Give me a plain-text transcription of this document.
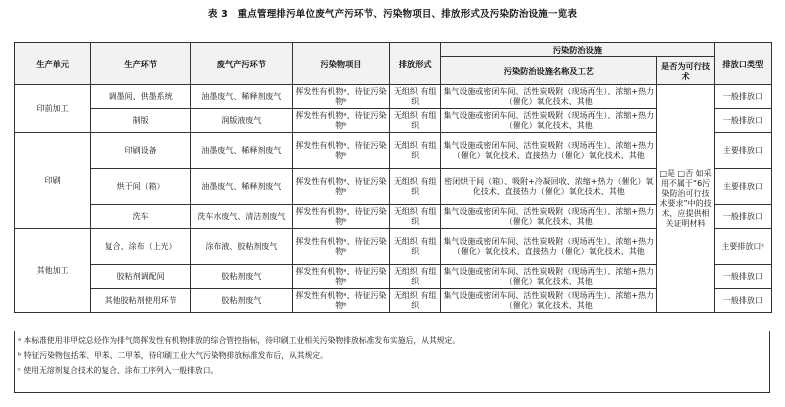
表 3　重点管理排污单位废气产污环节、污染物项目、排放形式及污染防治设施一览表
生产单元	生产环节	废气产污环节	污染物项目	排放形式	污染防治设施		排放口类型
					污染防治设施名称及工艺	是否为可行技术	
印前加工	调墨间、供墨系统	油墨废气、稀释剂废气	挥发性有机物ᵃ、待征污染物ᵇ	无组织 有组织	集气设施或密闭车间、活性炭吸附（现场再生）、浓缩+热力（催化）氧化技术、其他	□是 □否 如采用不属于“6污染防治可行技术要求”中的技术，应提供相关证明材料	一般排放口
	制版	润版液废气	挥发性有机物ᵃ、待征污染物ᵇ	无组织 有组织	集气设施或密闭车间、活性炭吸附（现场再生）、浓缩+热力（催化）氧化技术、其他		一般排放口
印刷	印刷设备	油墨废气、稀释剂废气	挥发性有机物ᵃ、待征污染物ᵇ	无组织 有组织	集气设施或密闭车间、活性炭吸附（现场再生）、浓缩+热力（催化）氧化技术、直接热力（催化）氧化技术、其他		主要排放口
	烘干间（箱）	油墨废气、稀释剂废气	挥发性有机物ᵃ、待征污染物ᵇ	无组织 有组织	密闭烘干间（箱）、吸附+冷凝回收、浓缩+热力（催化）氧化技术、直接热力（催化）氧化技术、其他		主要排放口
	洗车	洗车水废气、清洁剂废气	挥发性有机物ᵃ、待征污染物ᵇ	无组织 有组织	集气设施或密闭车间、活性炭吸附（现场再生）、浓缩+热力（催化）氧化技术、其他		一般排放口
其他加工	复合、涂布（上光）	涂布液、胶粘剂废气	挥发性有机物ᵃ、待征污染物ᵇ	无组织 有组织	集气设施或密闭车间、活性炭吸附（现场再生）、浓缩+热力（催化）氧化技术、直接热力（催化）氧化技术、其他		主要排放口ᶜ
	胶粘剂调配间	胶粘剂废气	挥发性有机物ᵃ、待征污染物ᵇ	无组织 有组织	集气设施或密闭车间、活性炭吸附（现场再生）、浓缩+热力（催化）氧化技术、其他		一般排放口
	其他胶粘剂使用环节	胶粘剂废气	挥发性有机物ᵃ、待征污染物ᵇ	无组织 有组织	集气设施或密闭车间、活性炭吸附（现场再生）、浓缩+热力（催化）氧化技术、其他		一般排放口
ᵃ 本标准使用非甲烷总烃作为排气筒挥发性有机物排放的综合管控指标，待印刷工业相关污染物排放标准发布实施后，从其规定。
ᵇ 特征污染物包括苯、甲苯、二甲苯，待印刷工业大气污染物排放标准发布后，从其规定。
ᶜ 使用无溶剂复合技术的复合、涂布工序列入一般排放口。
